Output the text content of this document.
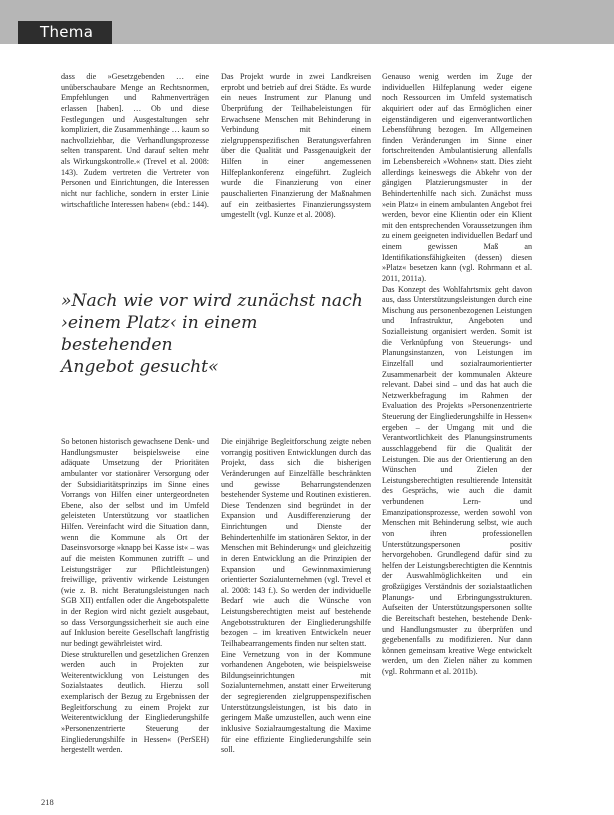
Thema

dass die »Gesetzgebenden … eine unüberschaubare Menge an Rechtsnormen, Empfehlungen und Rahmenverträgen erlassen [haben]. … Ob und diese Festlegungen und Ausgestaltungen sehr kompliziert, die Zusammenhänge … kaum so nachvollziehbar, die Verhandlungsprozesse selten transparent. Und darauf selten mehr als Wirkungskontrolle.« (Trevel et al. 2008: 143). Zudem vertreten die Vertreter von Personen und Einrichtungen, die Interessen nicht nur fachliche, sondern in erster Linie wirtschaftliche Interessen haben« (ebd.: 144).

Das Projekt wurde in zwei Landkreisen erprobt und betrieb auf drei Städte. Es wurde ein neues Instrument zur Planung und Überprüfung der Teilhabeleistungen für Erwachsene Menschen mit Behinderung in Verbindung mit einem zielgruppenspezifischen Beratungsverfahren über die Qualität und Passgenauigkeit der Hilfen in einer angemessenen Hilfeplankonferenz eingeführt. Zugleich wurde die Finanzierung von einer pauschalierten Finanzierung der Maßnahmen auf ein zeitbasiertes Finanzierungssystem umgestellt (vgl. Kunze et al. 2008).

Genauso wenig werden im Zuge der individuellen Hilfeplanung weder eigene noch Ressourcen im Umfeld systematisch akquiriert oder auf das Ermöglichen einer eigenständigeren und eigenverantwortlichen Lebensführung bezogen. Im Allgemeinen finden Veränderungen im Sinne einer fortschreitenden Ambulantisierung allenfalls im Lebensbereich »Wohnen« statt. Dies zieht allerdings keineswegs die Abkehr von der gängigen Platzierungsmuster in der Behindertenhilfe nach sich. Zunächst muss »ein Platz« in einem ambulanten Angebot frei werden, bevor eine Klientin oder ein Klient mit den entsprechenden Voraussetzungen ihm zu einem geeigneten individuellen Bedarf und einem gewissen Maß an Identifikationsfähigkeiten (dessen) diesen »Platz« besetzen kann (vgl. Rohrmann et al. 2011, 2011a).

Das Konzept des Wohlfahrtsmix geht davon aus, dass Unterstützungsleistungen durch eine Mischung aus personenbezogenen Leistungen und Infrastruktur, Angeboten und Sozialleistung organisiert werden. Somit ist die Verknüpfung von Steuerungs- und Planungsinstanzen, von Leistungen im Einzelfall und sozialraumorientierter Zusammenarbeit der kommunalen Akteure relevant. Dabei sind – und das hat auch die Netzwerkbefragung im Rahmen der Evaluation des Projekts »Personenzentrierte Steuerung der Eingliederungshilfe in Hessen« ergeben – der Umgang mit und die Verantwortlichkeit des Planungsinstruments ausschlaggebend für die Qualität der Leistungen. Die aus der Orientierung an den Wünschen und Zielen der Leistungsberechtigten resultierende Intensität des Gesprächs, wie auch die damit verbundenen Lern- und Emanzipationsprozesse, werden sowohl von Menschen mit Behinderung selbst, wie auch von ihren professionellen Unterstützungspersonen positiv hervorgehoben. Grundlegend dafür sind zu helfen der Leistungsberechtigten die Kenntnis der Auswahlmöglichkeiten und ein großzügiges Verständnis der sozialstaatlichen Planungs- und Erbringungsstrukturen. Aufseiten der Unterstützungspersonen sollte die Bereitschaft bestehen, bestehende Denk- und Handlungsmuster zu überprüfen und gegebenenfalls zu modifizieren. Nur dann können gemeinsam kreative Wege entwickelt werden, um den Zielen näher zu kommen (vgl. Rohrmann et al. 2011b).

»Nach wie vor wird zunächst nach
›einem Platz‹ in einem bestehenden
Angebot gesucht«

So betonen historisch gewachsene Denk- und Handlungsmuster beispielsweise eine adäquate Umsetzung der Prioritäten ambulanter vor stationärer Versorgung oder der Subsidiaritätsprinzips im Sinne eines Vorrangs von Hilfen einer untergeordneten Ebene, also der selbst und im Umfeld geleisteten Unterstützung vor staatlichen Hilfen. Vereinfacht wird die Situation dann, wenn die Kommune als Ort der Daseinsvorsorge »knapp bei Kasse ist« – was auf die meisten Kommunen zutrifft – und Leistungsträger zur Pflichtleistungen) freiwillige, präventiv wirkende Leistungen (wie z. B. nicht Beratungsleistungen nach SGB XII) entfallen oder die Angebotspalette in der Region wird nicht gezielt ausgebaut, so dass Versorgungssicherheit sie auch eine auf Inklusion bereite Gesellschaft langfristig nur bedingt gewährleistet wird.

Diese strukturellen und gesetzlichen Grenzen werden auch in Projekten zur Weiterentwicklung von Leistungen des Sozialstaates deutlich. Hierzu soll exemplarisch der Bezug zu Ergebnissen der Begleitforschung zu einem Projekt zur Weiterentwicklung der Eingliederungshilfe »Personenzentrierte Steuerung der Eingliederungshilfe in Hessen« (PerSEH) hergestellt werden.

Die einjährige Begleitforschung zeigte neben vorrangig positiven Entwicklungen durch das Projekt, dass sich die bisherigen Veränderungen auf Einzelfälle beschränkten und gewisse Beharrungstendenzen bestehender Systeme und Routinen existieren. Diese Tendenzen sind begründet in der Expansion und Ausdifferenzierung der Einrichtungen und Dienste der Behindertenhilfe im stationären Sektor, in der Menschen mit Behinderung« und gleichzeitig in deren Entwicklung an die Prinzipien der Expansion und Gewinnmaximierung orientierter Sozialunternehmen (vgl. Trevel et al. 2008: 143 f.). So werden der individuelle Bedarf wie auch die Wünsche von Leistungsberechtigten meist auf bestehende Angebotsstrukturen der Eingliederungshilfe bezogen – im kreativen Entwickeln neuer Teilhabearrangements finden nur selten statt.

Eine Vernetzung von in der Kommune vorhandenen Angeboten, wie beispielsweise Bildungseinrichtungen mit Sozialunternehmen, anstatt einer Erweiterung der segregierenden zielgruppenspezifischen Unterstützungsleistungen, ist bis dato in geringem Maße umzustellen, auch wenn eine inklusive Sozialraumgestaltung die Maxime für eine effiziente Eingliederungshilfe sein soll.

218
